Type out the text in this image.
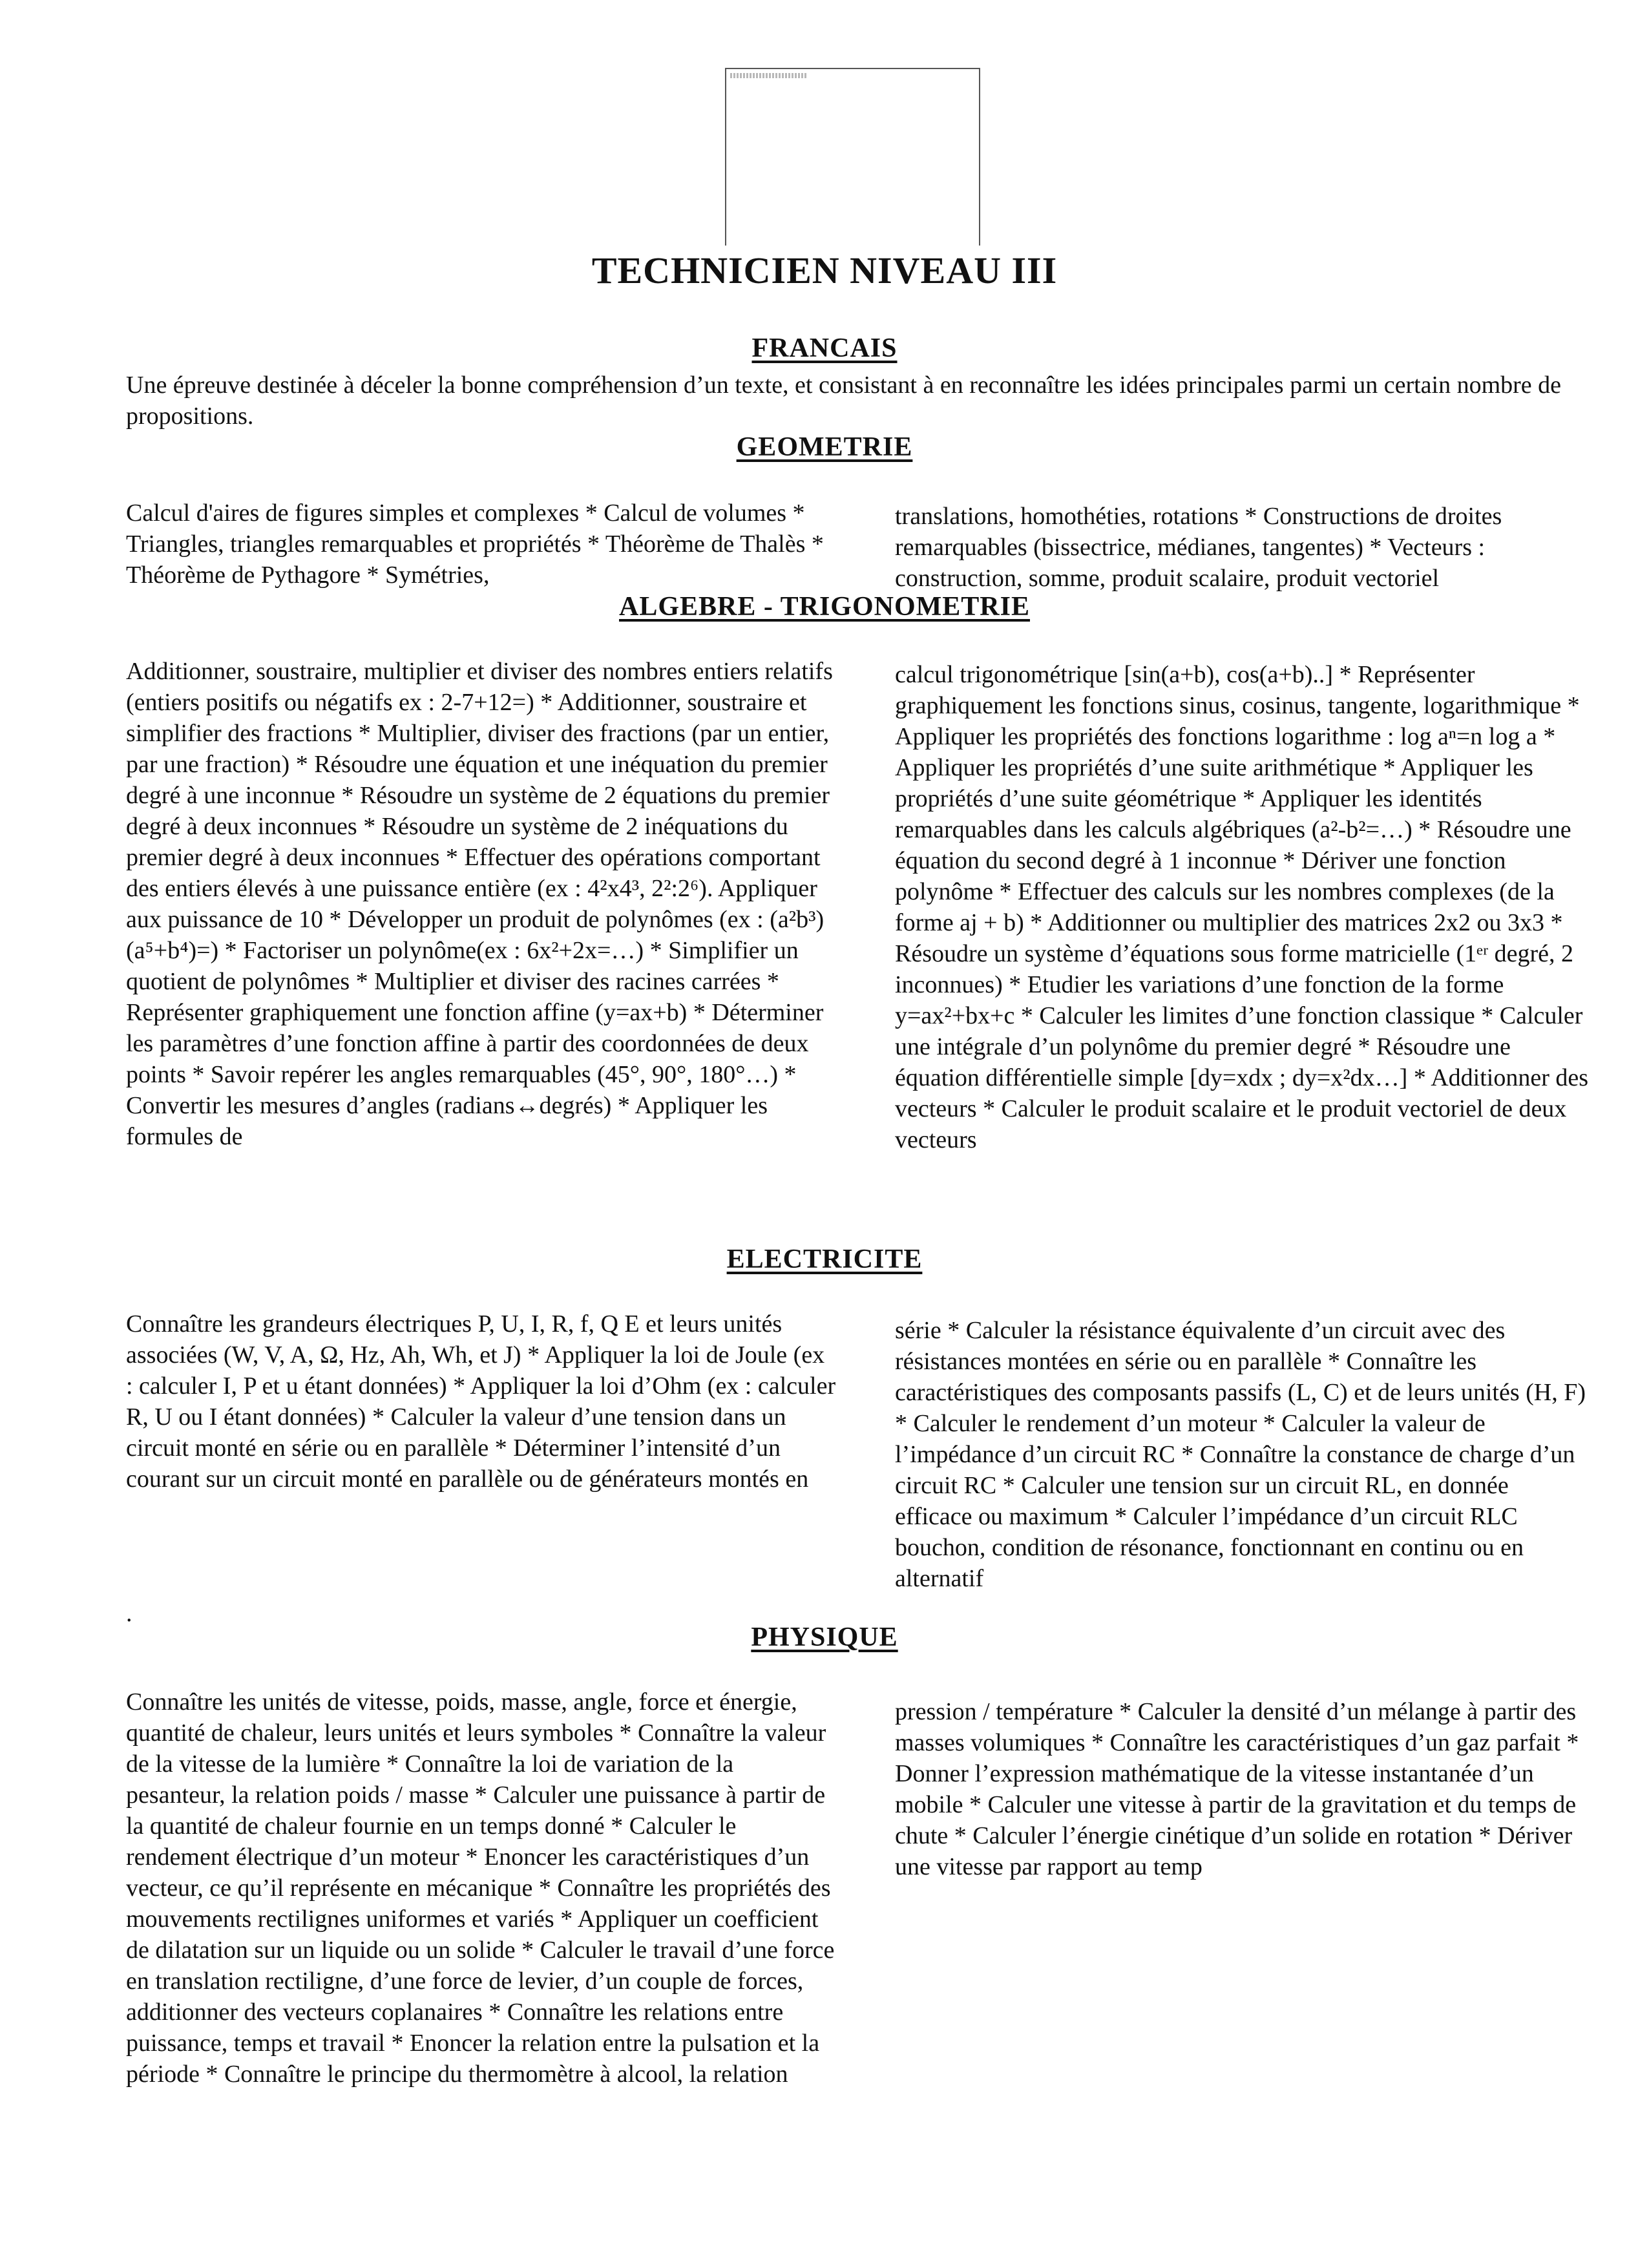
TECHNICIEN NIVEAU III
FRANCAIS

Une épreuve destinée à déceler la bonne compréhension d’un texte, et consistant à en reconnaître les idées principales parmi un certain nombre de propositions.

GEOMETRIE

Calcul d'aires de figures simples et complexes * Calcul de volumes * Triangles, triangles remarquables et propriétés * Théorème de Thalès * Théorème de Pythagore * Symétries,

translations, homothéties, rotations * Constructions de droites remarquables (bissectrice, médianes, tangentes) * Vecteurs : construction, somme, produit scalaire, produit vectoriel

ALGEBRE - TRIGONOMETRIE

Additionner, soustraire, multiplier et diviser des nombres entiers relatifs (entiers positifs ou négatifs ex : 2-7+12=) * Additionner, soustraire et simplifier des fractions * Multiplier, diviser des fractions (par un entier, par une fraction) * Résoudre une équation et une inéquation du premier degré à une inconnue * Résoudre un système de 2 équations du premier degré à deux inconnues * Résoudre un système de 2 inéquations du premier degré à deux inconnues * Effectuer des opérations comportant des entiers élevés à une puissance entière (ex : 4²x4³, 2²:2⁶). Appliquer aux puissance de 10 * Développer un produit de polynômes (ex : (a²b³)(a⁵+b⁴)=) * Factoriser un polynôme(ex : 6x²+2x=…) * Simplifier un quotient de polynômes * Multiplier et diviser des racines carrées * Représenter graphiquement une fonction affine (y=ax+b) * Déterminer les paramètres d’une fonction affine à partir des coordonnées de deux points * Savoir repérer les angles remarquables (45°, 90°, 180°…) * Convertir les mesures d’angles (radians↔degrés) * Appliquer les formules de

calcul trigonométrique [sin(a+b), cos(a+b)..] * Représenter graphiquement les fonctions sinus, cosinus, tangente, logarithmique * Appliquer les propriétés des fonctions logarithme : log aⁿ=n log a * Appliquer les propriétés d’une suite arithmétique * Appliquer les propriétés d’une suite géométrique * Appliquer les identités remarquables dans les calculs algébriques (a²-b²=…) * Résoudre une équation du second degré à 1 inconnue * Dériver une fonction polynôme * Effectuer des calculs sur les nombres complexes (de la forme aj + b) * Additionner ou multiplier des matrices 2x2 ou 3x3 * Résoudre un système d’équations sous forme matricielle (1ᵉʳ degré, 2 inconnues) * Etudier les variations d’une fonction de la forme y=ax²+bx+c * Calculer les limites d’une fonction classique * Calculer une intégrale d’un polynôme du premier degré * Résoudre une équation différentielle simple [dy=xdx ; dy=x²dx…] * Additionner des vecteurs * Calculer le produit scalaire et le produit vectoriel de deux vecteurs

ELECTRICITE

Connaître les grandeurs électriques P, U, I, R, f, Q E et leurs unités associées (W, V, A, Ω, Hz, Ah, Wh, et J) * Appliquer la loi de Joule (ex : calculer I, P et u étant données) * Appliquer la loi d’Ohm (ex : calculer R, U ou I étant données) * Calculer la valeur d’une tension dans un circuit monté en série ou en parallèle * Déterminer l’intensité d’un courant sur un circuit monté en parallèle ou de générateurs montés en

série * Calculer la résistance équivalente d’un circuit avec des résistances montées en série ou en parallèle * Connaître les caractéristiques des composants passifs (L, C) et de leurs unités (H, F) * Calculer le rendement d’un moteur * Calculer la valeur de l’impédance d’un circuit RC * Connaître la constance de charge d’un circuit RC * Calculer une tension sur un circuit RL, en donnée efficace ou maximum * Calculer l’impédance d’un circuit RLC bouchon, condition de résonance, fonctionnant en continu ou en alternatif

.
PHYSIQUE

Connaître les unités de vitesse, poids, masse, angle, force et énergie, quantité de chaleur, leurs unités et leurs symboles * Connaître la valeur de la vitesse de la lumière * Connaître la loi de variation de la pesanteur, la relation poids / masse * Calculer une puissance à partir de la quantité de chaleur fournie en un temps donné * Calculer le rendement électrique d’un moteur * Enoncer les caractéristiques d’un vecteur, ce qu’il représente en mécanique * Connaître les propriétés des mouvements rectilignes uniformes et variés * Appliquer un coefficient de dilatation sur un liquide ou un solide * Calculer le travail d’une force en translation rectiligne, d’une force de levier, d’un couple de forces, additionner des vecteurs coplanaires * Connaître les relations entre puissance, temps et travail * Enoncer la relation entre la pulsation et la période * Connaître le principe du thermomètre à alcool, la relation

pression / température * Calculer la densité d’un mélange à partir des masses volumiques * Connaître les caractéristiques d’un gaz parfait * Donner l’expression mathématique de la vitesse instantanée d’un mobile * Calculer une vitesse à partir de la gravitation et du temps de chute * Calculer l’énergie cinétique d’un solide en rotation * Dériver une vitesse par rapport au temp
